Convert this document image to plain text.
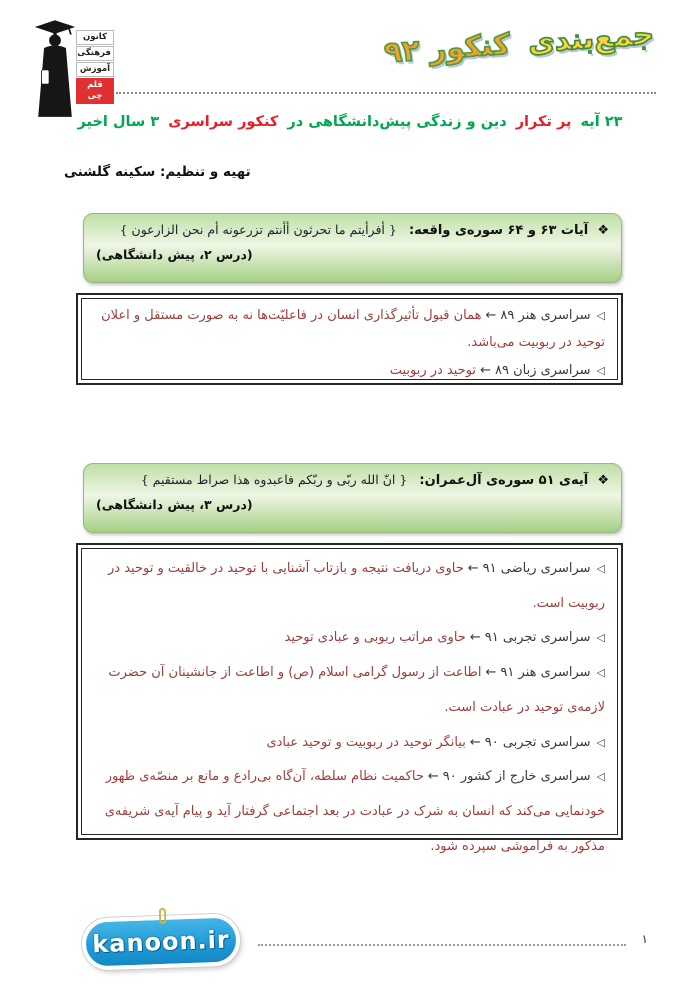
کانون
فرهنگی
آموزش
قلم چی
جمع‌بندی کنکور ۹۲
۲۳ آیه پر تکرار دین و زندگی پیش‌دانشگاهی در کنکور سراسری ۳ سال اخیر
تهیه و تنظیم: سکینه گلشنی
❖ آیات ۶۳ و ۶۴ سوره‌ی واقعه: { أفرأیتم ما تحرثون أأنتم تزرعونه أم نحن الزارعون }
(درس ۲، پیش دانشگاهی)
◁سراسری هنر ۸۹←همان قبول تأثیرگذاری انسان در فاعلیّت‌ها نه به صورت مستقل و اعلان توحید در ربوبیت می‌باشد.
◁سراسری زبان ۸۹←توحید در ربوبیت
❖ آیه‌ی ۵۱ سوره‌ی آل‌عمران: { انّ الله ربّی و ربّکم فاعبدوه هذا صراط مستقیم }
(درس ۳، پیش دانشگاهی)
◁سراسری ریاضی ۹۱←حاوی دریافت نتیجه و بازتاب آشنایی با توحید در خالقیت و توحید در ربوبیت است.
◁سراسری تجربی ۹۱←حاوی مراتب ربوبی و عبادی توحید
◁سراسری هنر ۹۱←اطاعت از رسول گرامی اسلام (ص) و اطاعت از جانشینان آن حضرت لازمه‌ی توحید در عبادت است.
◁سراسری تجربی ۹۰←بیانگر توحید در ربوبیت و توحید عبادی
◁سراسری خارج از کشور ۹۰←حاکمیت نظام سلطه، آن‌گاه بی‌رادع و مانع بر منصّه‌ی ظهور خودنمایی می‌کند که انسان به شرک در عبادت در بعد اجتماعی گرفتار آید و پیام آیه‌ی شریفه‌ی مذکور به فراموشی سپرده شود.
kanoon.ir	۱
